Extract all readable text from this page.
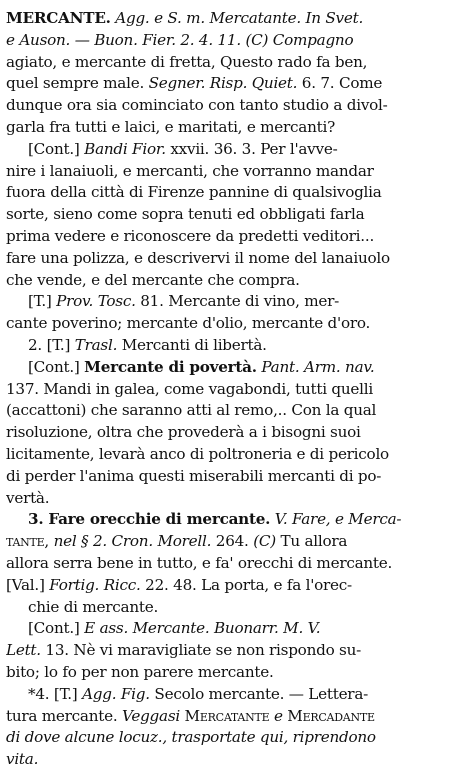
MERCANTE. Agg. e S. m. Mercatante. In Svet.
e Auson. — Buon. Fier. 2. 4. 11. (C) Compagno
agiato, e mercante di fretta, Questo rado fa ben,
quel sempre male. Segner. Risp. Quiet. 6. 7. Come
dunque ora sia cominciato con tanto studio a divol-
garla fra tutti e laici, e maritati, e mercanti?
[Cont.] Bandi Fior. xxvii. 36. 3. Per l'avve-
nire i lanaiuoli, e mercanti, che vorranno mandar
fuora della città di Firenze pannine di qualsivoglia
sorte, sieno come sopra tenuti ed obbligati farla
prima vedere e riconoscere da predetti veditori...
fare una polizza, e descrivervi il nome del lanaiuolo
che vende, e del mercante che compra.
[T.] Prov. Tosc. 81. Mercante di vino, mer-
cante poverino; mercante d'olio, mercante d'oro.
2. [T.] Trasl. Mercanti di libertà.
[Cont.] Mercante di povertà. Pant. Arm. nav.
137. Mandi in galea, come vagabondi, tutti quelli
(accattoni) che saranno atti al remo,.. Con la qual
risoluzione, oltra che provederà a i bisogni suoi
licitamente, levarà anco di poltroneria e di pericolo
di perder l'anima questi miserabili mercanti di po-
vertà.
3. Fare orecchie di mercante. V. Fare, e Merca-
tante, nel § 2. Cron. Morell. 264. (C) Tu allora
allora serra bene in tutto, e fa' orecchi di mercante.
[Val.] Fortig. Ricc. 22. 48. La porta, e fa l'orec-
chie di mercante.
[Cont.] E ass. Mercante. Buonarr. M. V.
Lett. 13. Nè vi maravigliate se non rispondo su-
bito; lo fo per non parere mercante.
*4. [T.] Agg. Fig. Secolo mercante. — Lettera-
tura mercante. Veggasi Mercatante e Mercadante
di dove alcune locuz., trasportate qui, riprendono
vita.
